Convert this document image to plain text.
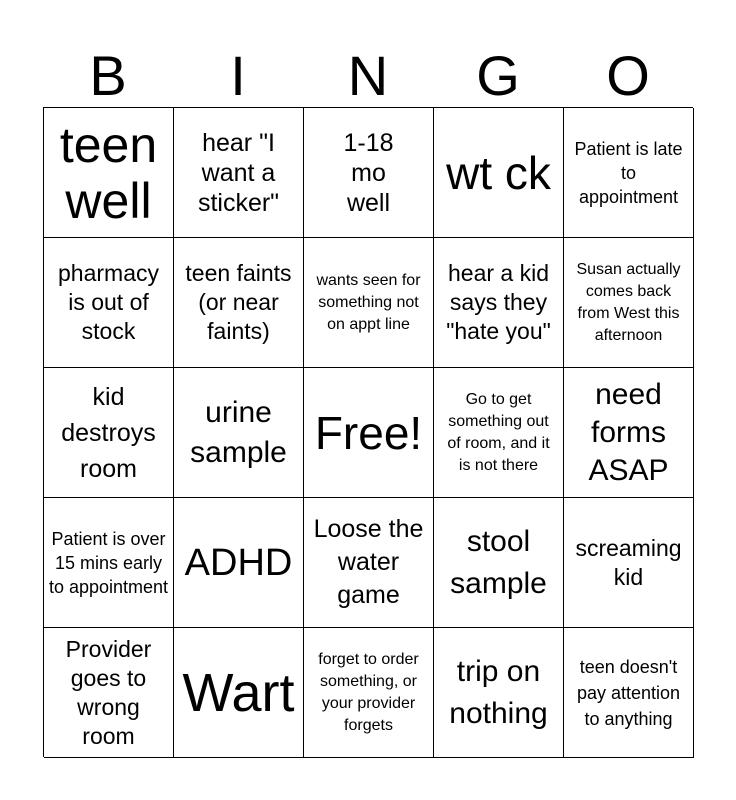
B	I	N	G	O
teen well
hear "I want a sticker"
1-18 mo well
wt ck Patient is late to appointment
pharmacy is out of stock
teen faints (or near faints)
wants seen for something not on appt line
hear a kid says they "hate you"
Susan actually comes back from West this afternoon
kid destroys room
urine sample Free!
Go to get something out of room, and it is not there
need forms ASAP
Patient is over 15 mins early to appointment
ADHD
Loose the water game
stool sample
screaming kid
Provider goes to wrong room
Wart
forget to order something, or your provider forgets
trip on nothing
teen doesn't pay attention to anything
